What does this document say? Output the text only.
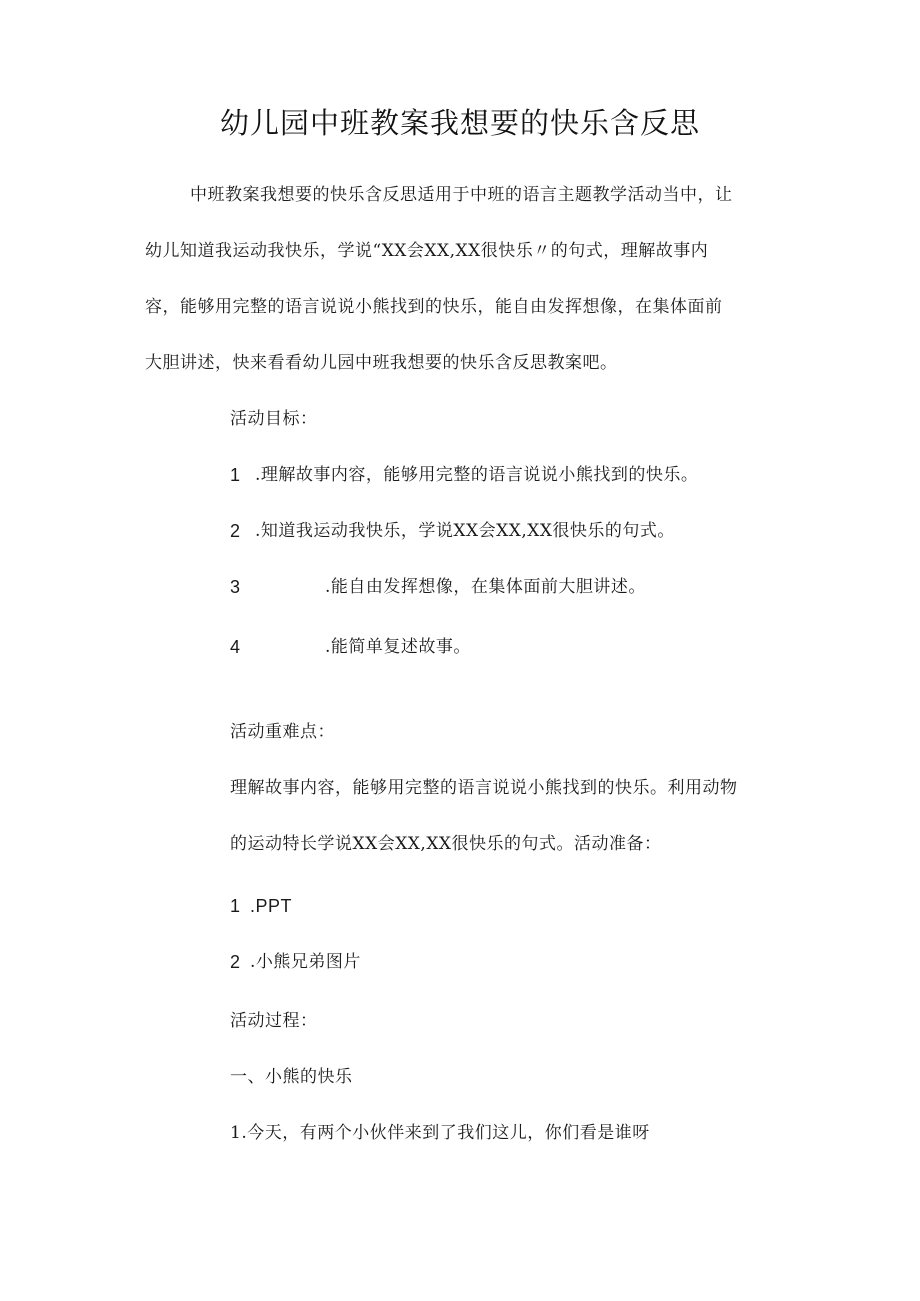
幼儿园中班教案我想要的快乐含反思
中班教案我想要的快乐含反思适用于中班的语言主题教学活动当中，让
幼儿知道我运动我快乐，学说“XX会XX,XX很快乐〃的句式，理解故事内
容，能够用完整的语言说说小熊找到的快乐，能自由发挥想像，在集体面前
大胆讲述，快来看看幼儿园中班我想要的快乐含反思教案吧。
活动目标：
1 .理解故事内容，能够用完整的语言说说小熊找到的快乐。
2 .知道我运动我快乐，学说XX会XX,XX很快乐的句式。
3	.能自由发挥想像，在集体面前大胆讲述。
4	.能简单复述故事。
活动重难点：
理解故事内容，能够用完整的语言说说小熊找到的快乐。利用动物
的运动特长学说XX会XX,XX很快乐的句式。活动准备：
1 .PPT
2 .小熊兄弟图片
活动过程：
一、小熊的快乐
1.今天，有两个小伙伴来到了我们这儿，你们看是谁呀
